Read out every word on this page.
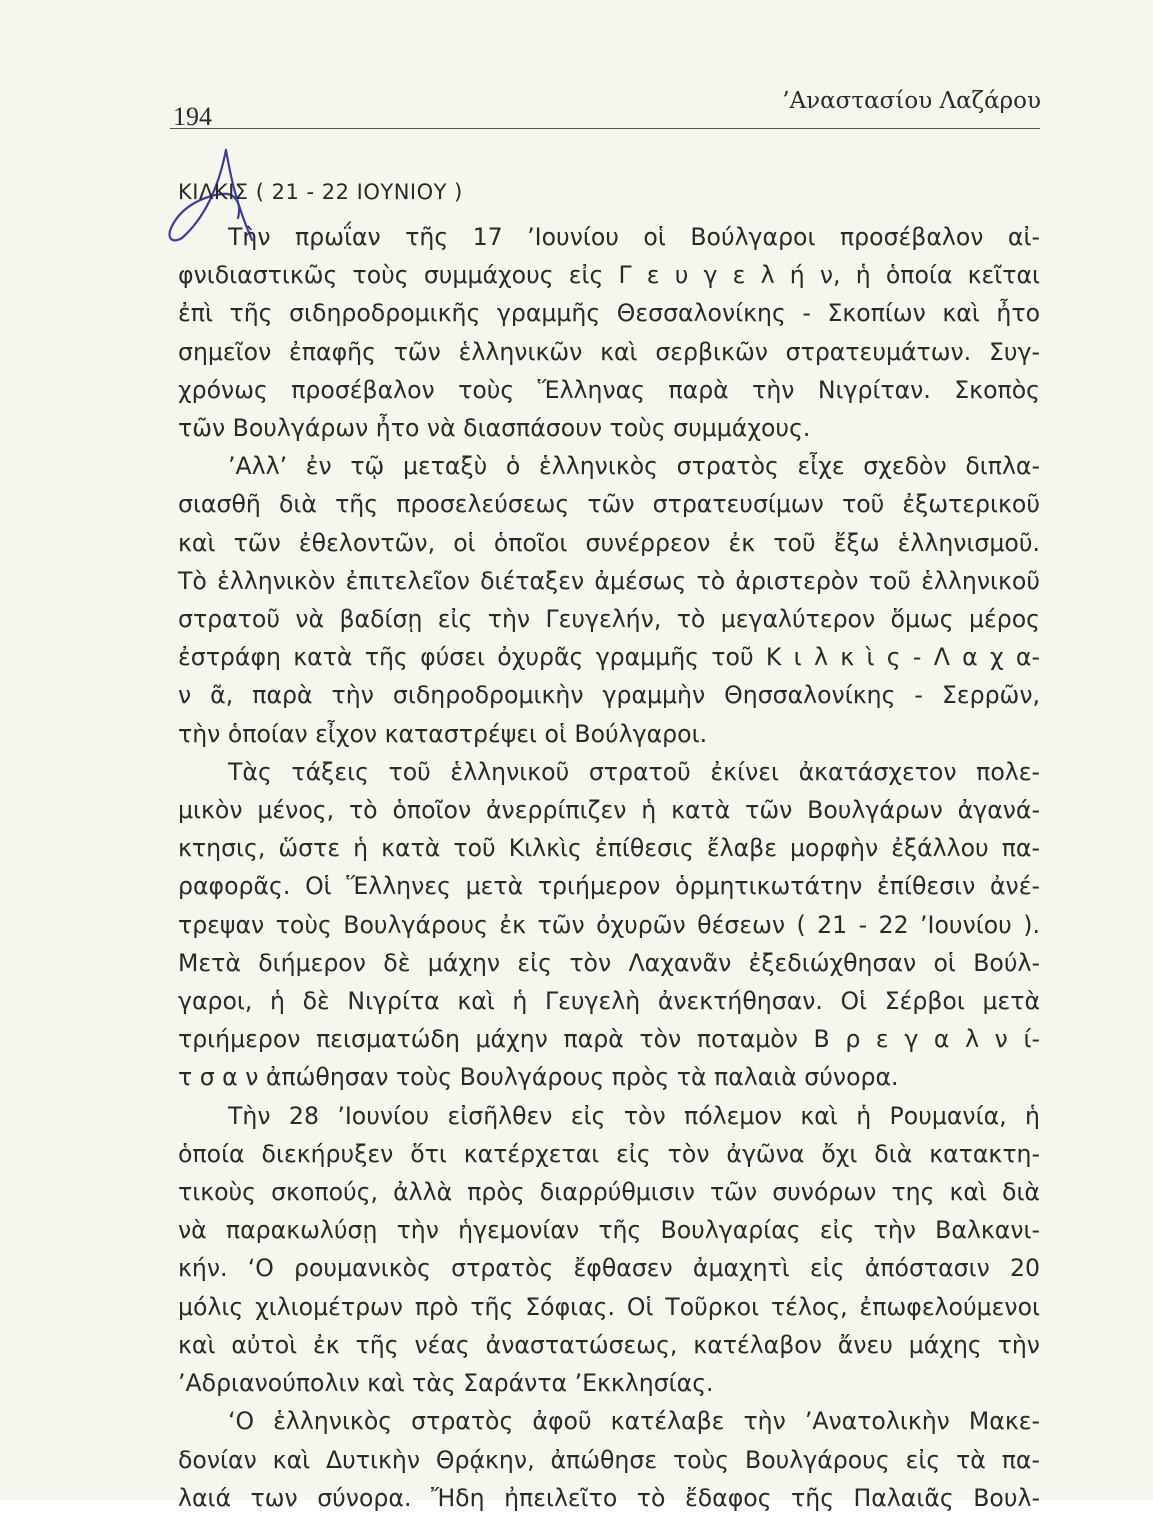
194
’Αναστασίου Λαζάρου
ΚΙΛΚΙΣ ( 21 - 22 ΙΟΥΝΙΟΥ )
Τὴν πρωΐαν τῆς 17 ’Ιουνίου οἱ Βούλγαροι προσέβαλον αἰ-
φνιδιαστικῶς τοὺς συμμάχους εἰς Γ ε υ γ ε λ ή ν, ἡ ὁποία κεῖται
ἐπὶ τῆς σιδηροδρομικῆς γραμμῆς Θεσσαλονίκης - Σκοπίων καὶ ἦτο
σημεῖον ἐπαφῆς τῶν ἑλληνικῶν καὶ σερβικῶν στρατευμάτων. Συγ-
χρόνως προσέβαλον τοὺς Ἕλληνας παρὰ τὴν Νιγρίταν. Σκοπὸς
τῶν Βουλγάρων ἦτο νὰ διασπάσουν τοὺς συμμάχους.
’Αλλ’ ἐν τῷ μεταξὺ ὁ ἑλληνικὸς στρατὸς εἶχε σχεδὸν διπλα-
σιασθῆ διὰ τῆς προσελεύσεως τῶν στρατευσίμων τοῦ ἐξωτερικοῦ
καὶ τῶν ἐθελοντῶν, οἱ ὁποῖοι συνέρρεον ἐκ τοῦ ἔξω ἑλληνισμοῦ.
Τὸ ἑλληνικὸν ἐπιτελεῖον διέταξεν ἀμέσως τὸ ἀριστερὸν τοῦ ἑλληνικοῦ
στρατοῦ νὰ βαδίσῃ εἰς τὴν Γευγελήν, τὸ μεγαλύτερον ὅμως μέρος
ἐστράφη κατὰ τῆς φύσει ὀχυρᾶς γραμμῆς τοῦ Κ ι λ κ ὶ ς - Λ α χ α-
ν ᾶ, παρὰ τὴν σιδηροδρομικὴν γραμμὴν Θησσαλονίκης - Σερρῶν,
τὴν ὁποίαν εἶχον καταστρέψει οἱ Βούλγαροι.
Τὰς τάξεις τοῦ ἑλληνικοῦ στρατοῦ ἐκίνει ἀκατάσχετον πολε-
μικὸν μένος, τὸ ὁποῖον ἀνερρίπιζεν ἡ κατὰ τῶν Βουλγάρων ἀγανά-
κτησις, ὥστε ἡ κατὰ τοῦ Κιλκὶς ἐπίθεσις ἔλαβε μορφὴν ἐξάλλου πα-
ραφορᾶς. Οἱ Ἕλληνες μετὰ τριήμερον ὁρμητικωτάτην ἐπίθεσιν ἀνέ-
τρεψαν τοὺς Βουλγάρους ἐκ τῶν ὀχυρῶν θέσεων ( 21 - 22 ’Ιουνίου ).
Μετὰ διήμερον δὲ μάχην εἰς τὸν Λαχανᾶν ἐξεδιώχθησαν οἱ Βούλ-
γαροι, ἡ δὲ Νιγρίτα καὶ ἡ Γευγελὴ ἀνεκτήθησαν. Οἱ Σέρβοι μετὰ
τριήμερον πεισματώδη μάχην παρὰ τὸν ποταμὸν Β ρ ε γ α λ ν ί-
τ σ α ν ἀπώθησαν τοὺς Βουλγάρους πρὸς τὰ παλαιὰ σύνορα.
Τὴν 28 ’Ιουνίου εἰσῆλθεν εἰς τὸν πόλεμον καὶ ἡ Ρουμανία, ἡ
ὁποία διεκήρυξεν ὅτι κατέρχεται εἰς τὸν ἀγῶνα ὄχι διὰ κατακτη-
τικοὺς σκοπούς, ἀλλὰ πρὸς διαρρύθμισιν τῶν συνόρων της καὶ διὰ
νὰ παρακωλύσῃ τὴν ἡγεμονίαν τῆς Βουλγαρίας εἰς τὴν Βαλκανι-
κήν. ‘Ο ρουμανικὸς στρατὸς ἔφθασεν ἀμαχητὶ εἰς ἀπόστασιν 20
μόλις χιλιομέτρων πρὸ τῆς Σόφιας. Οἱ Τοῦρκοι τέλος, ἐπωφελούμενοι
καὶ αὐτοὶ ἐκ τῆς νέας ἀναστατώσεως, κατέλαβον ἄνευ μάχης τὴν
’Αδριανούπολιν καὶ τὰς Σαράντα ’Εκκλησίας.
‘Ο ἑλληνικὸς στρατὸς ἀφοῦ κατέλαβε τὴν ’Ανατολικὴν Μακε-
δονίαν καὶ Δυτικὴν Θρᾴκην, ἀπώθησε τοὺς Βουλγάρους εἰς τὰ πα-
λαιά των σύνορα. Ἤδη ἠπειλεῖτο τὸ ἔδαφος τῆς Παλαιᾶς Βουλ-
